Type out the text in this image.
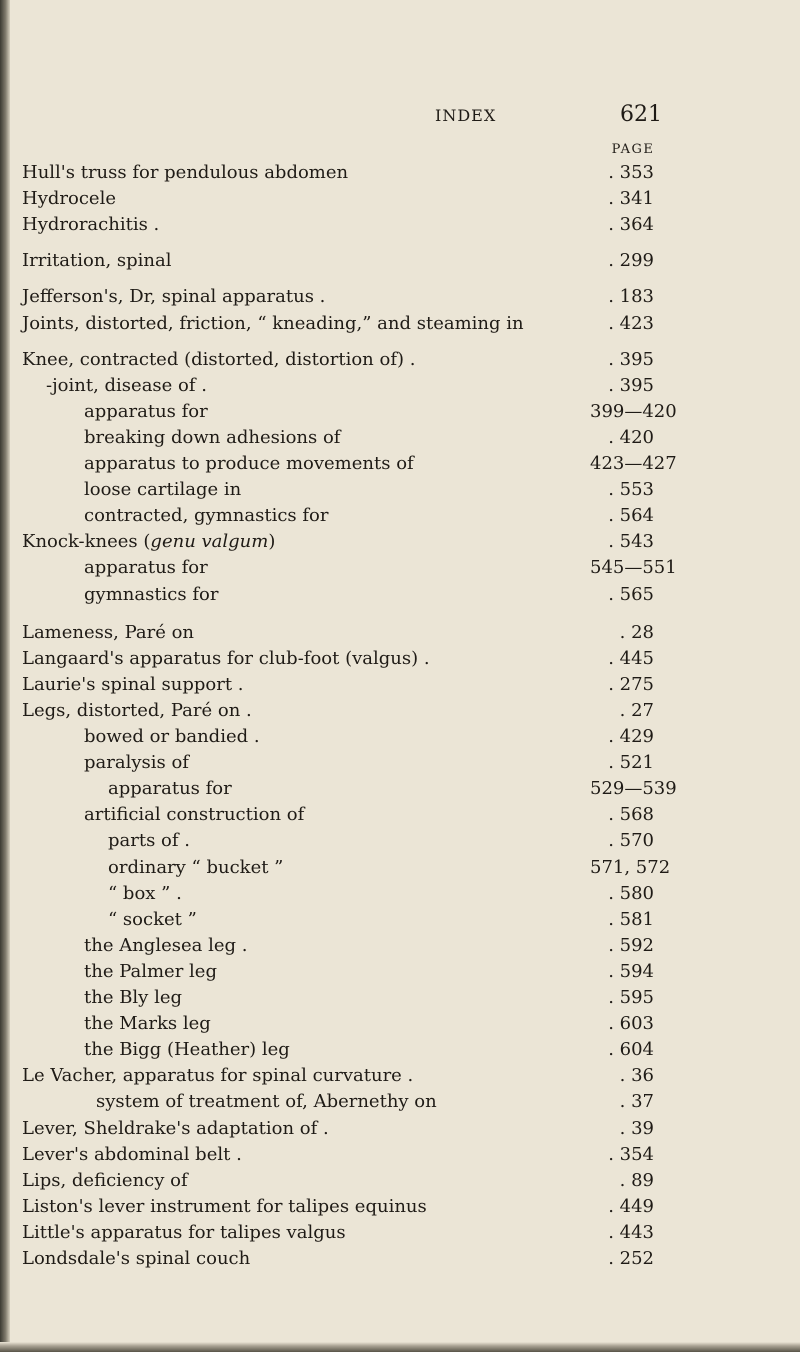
INDEX	621
PAGE
Hull's truss for pendulous abdomen	. 353
Hydrocele	. 341
Hydrorachitis .	. 364
Irritation, spinal	. 299
Jefferson's, Dr, spinal apparatus .	. 183
Joints, distorted, friction, “ kneading,” and steaming in	. 423
Knee, contracted (distorted, distortion of) .	. 395
-joint, disease of .	. 395
apparatus for	399—420
breaking down adhesions of	. 420
apparatus to produce movements of	423—427
loose cartilage in	. 553
contracted, gymnastics for	. 564
Knock-knees (genu valgum)	. 543
apparatus for	545—551
gymnastics for	. 565
Lameness, Paré on	. 28
Langaard's apparatus for club-foot (valgus) .	. 445
Laurie's spinal support .	. 275
Legs, distorted, Paré on .	. 27
bowed or bandied .	. 429
paralysis of	. 521
apparatus for	529—539
artificial construction of	. 568
parts of .	. 570
ordinary “ bucket ”	571, 572
“ box ” .	. 580
“ socket ”	. 581
the Anglesea leg .	. 592
the Palmer leg	. 594
the Bly leg	. 595
the Marks leg	. 603
the Bigg (Heather) leg	. 604
Le Vacher, apparatus for spinal curvature .	. 36
system of treatment of, Abernethy on	. 37
Lever, Sheldrake's adaptation of .	. 39
Lever's abdominal belt .	. 354
Lips, deficiency of	. 89
Liston's lever instrument for talipes equinus	. 449
Little's apparatus for talipes valgus	. 443
Londsdale's spinal couch	. 252
